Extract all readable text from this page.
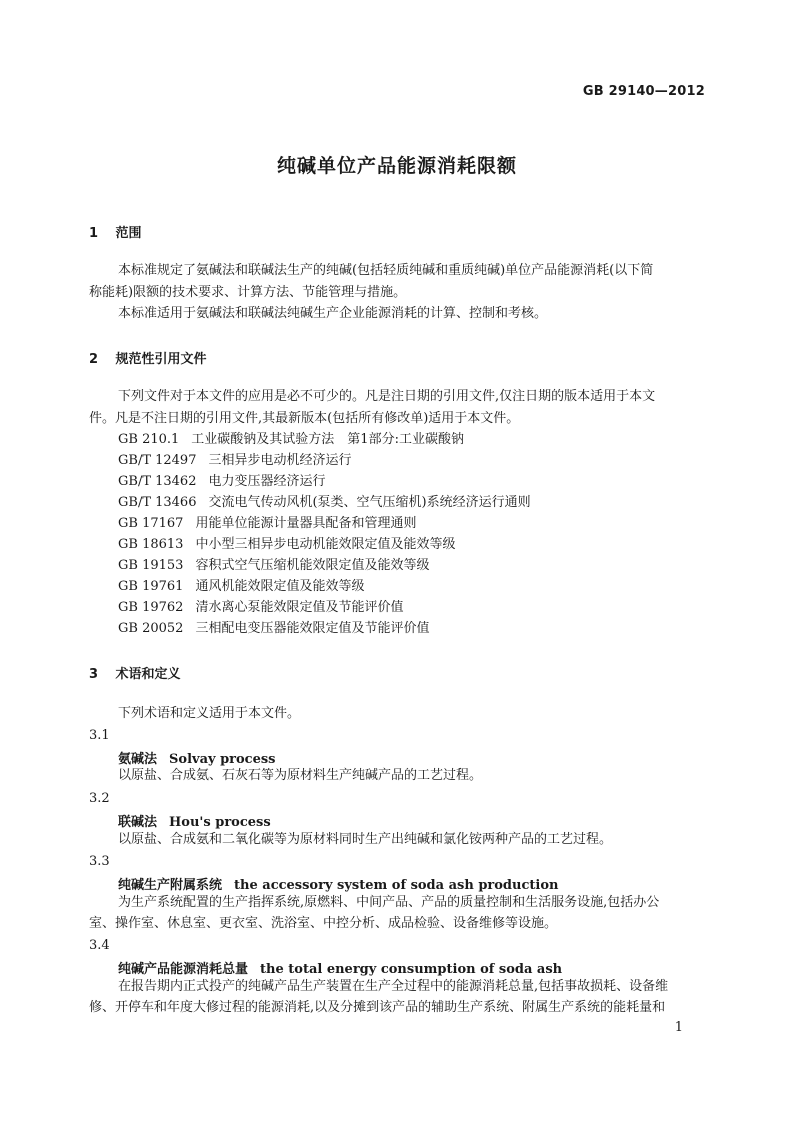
GB 29140—2012
纯碱单位产品能源消耗限额
1 范围
本标准规定了氨碱法和联碱法生产的纯碱(包括轻质纯碱和重质纯碱)单位产品能源消耗(以下简
称能耗)限额的技术要求、计算方法、节能管理与措施。
本标准适用于氨碱法和联碱法纯碱生产企业能源消耗的计算、控制和考核。
2 规范性引用文件
下列文件对于本文件的应用是必不可少的。凡是注日期的引用文件,仅注日期的版本适用于本文
件。凡是不注日期的引用文件,其最新版本(包括所有修改单)适用于本文件。
GB 210.1 工业碳酸钠及其试验方法　第1部分:工业碳酸钠
GB/T 12497 三相异步电动机经济运行
GB/T 13462 电力变压器经济运行
GB/T 13466 交流电气传动风机(泵类、空气压缩机)系统经济运行通则
GB 17167 用能单位能源计量器具配备和管理通则
GB 18613 中小型三相异步电动机能效限定值及能效等级
GB 19153 容积式空气压缩机能效限定值及能效等级
GB 19761 通风机能效限定值及能效等级
GB 19762 清水离心泵能效限定值及节能评价值
GB 20052 三相配电变压器能效限定值及节能评价值
3 术语和定义
下列术语和定义适用于本文件。
3.1
氨碱法 Solvay process
以原盐、合成氨、石灰石等为原材料生产纯碱产品的工艺过程。
3.2
联碱法 Hou's process
以原盐、合成氨和二氧化碳等为原材料同时生产出纯碱和氯化铵两种产品的工艺过程。
3.3
纯碱生产附属系统 the accessory system of soda ash production
为生产系统配置的生产指挥系统,原燃料、中间产品、产品的质量控制和生活服务设施,包括办公
室、操作室、休息室、更衣室、洗浴室、中控分析、成品检验、设备维修等设施。
3.4
纯碱产品能源消耗总量 the total energy consumption of soda ash
在报告期内正式投产的纯碱产品生产装置在生产全过程中的能源消耗总量,包括事故损耗、设备维
修、开停车和年度大修过程的能源消耗,以及分摊到该产品的辅助生产系统、附属生产系统的能耗量和
1
